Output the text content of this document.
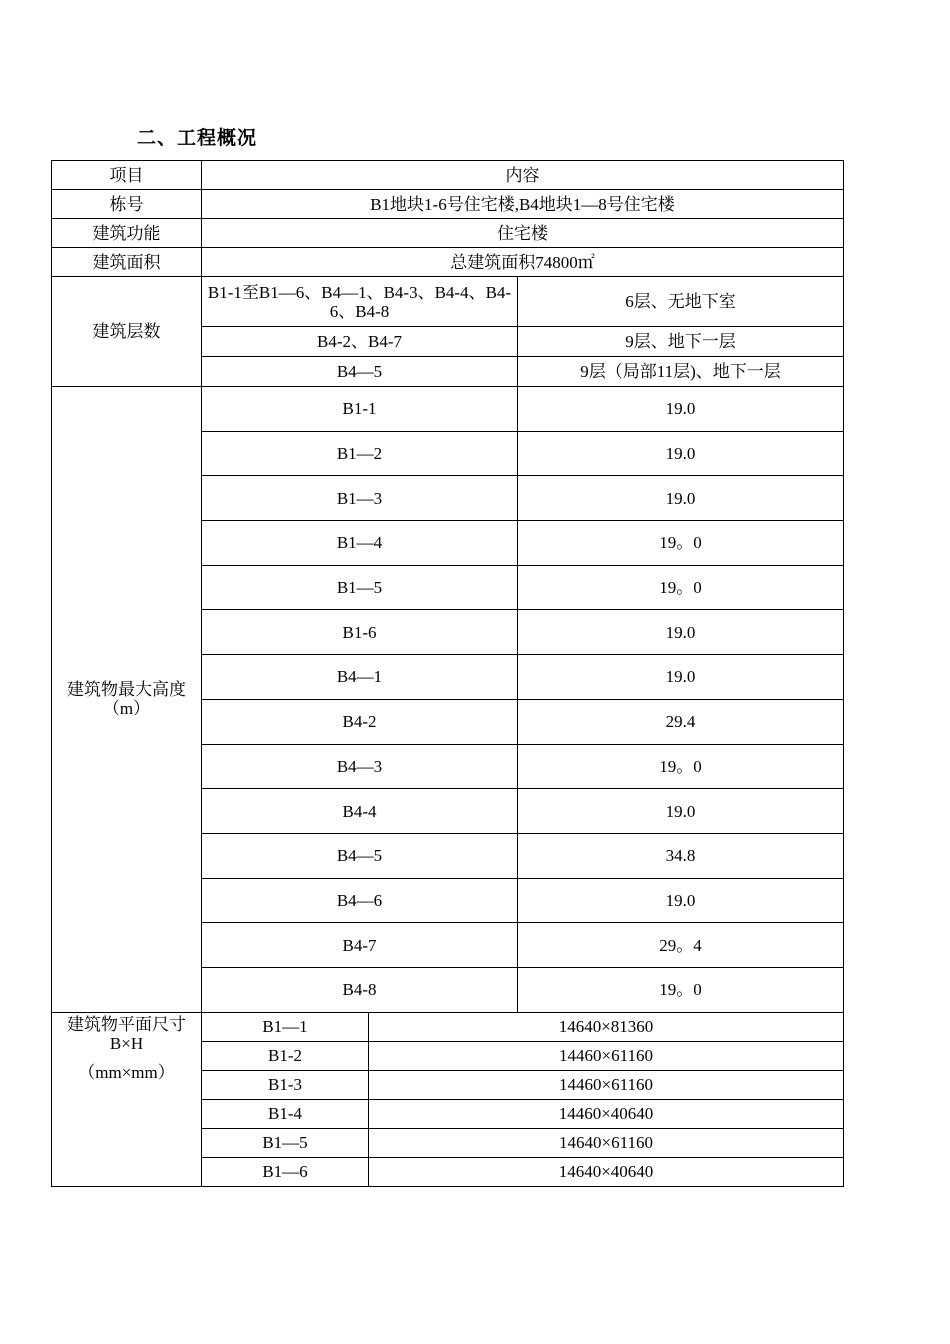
二、工程概况
项目	内容		
栋号	B1地块1-6号住宅楼,B4地块1—8号住宅楼		
建筑功能	住宅楼		
建筑面积	总建筑面积74800㎡		
建筑层数	B1-1至B1—6、B4—1、B4-3、B4-4、B4-6、B4-8		6层、无地下室
	B4-2、B4-7		9层、地下一层
	B4—5		9层（局部11层)、地下一层
建筑物最大高度（m）	B1-1		19.0
	B1—2		19.0
	B1—3		19.0
	B1—4		19。0
	B1—5		19。0
	B1-6		19.0
	B4—1		19.0
	B4-2		29.4
	B4—3		19。0
	B4-4		19.0
	B4—5		34.8
	B4—6		19.0
	B4-7		29。4
	B4-8		19。0

建筑物平面尺寸B×H
（mm×mm）	B1—1	14640×81360	
	B1-2	14460×61160	
	B1-3	14460×61160	
	B1-4	14460×40640	
	B1—5	14640×61160	
	B1—6	14640×40640	
